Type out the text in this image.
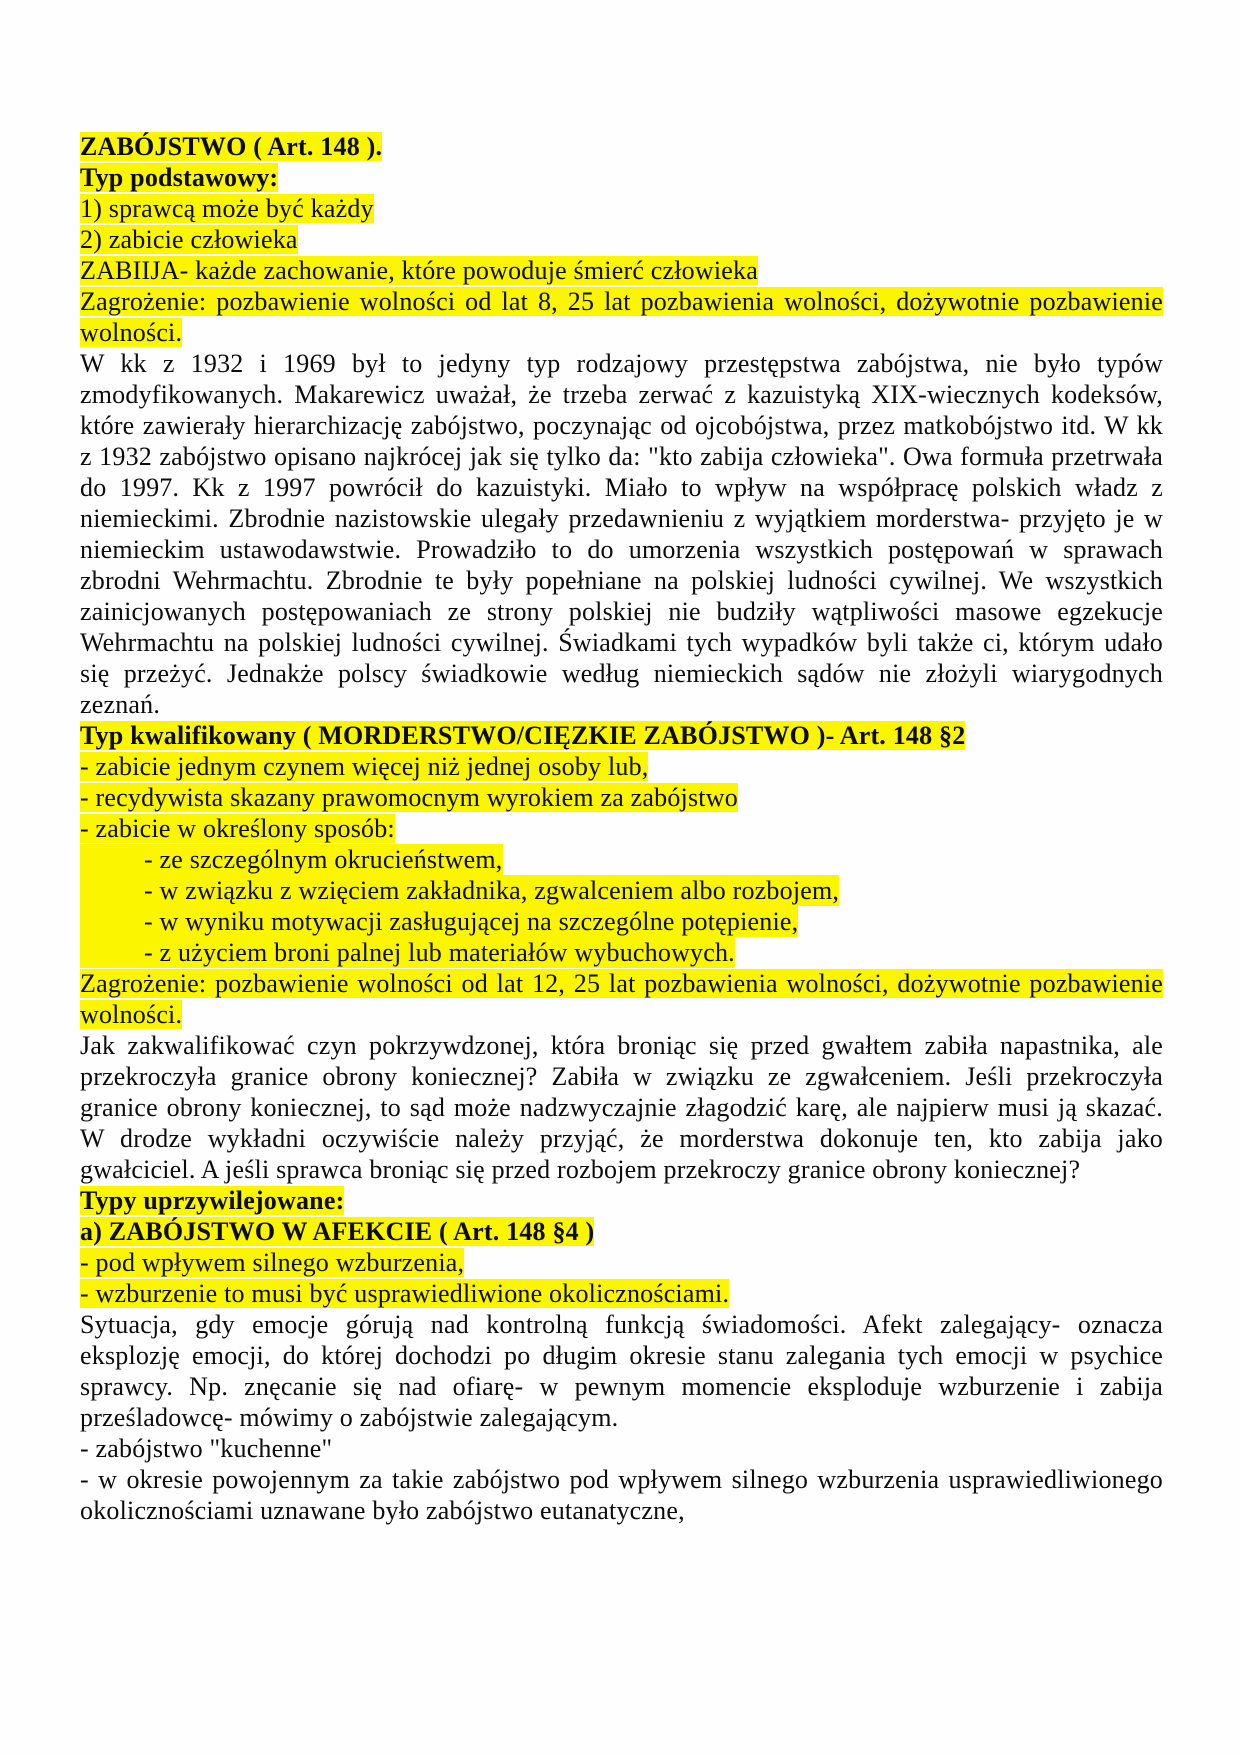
ZABÓJSTWO ( Art. 148 ).

Typ podstawowy:

1) sprawcą może być każdy

2) zabicie człowieka

ZABIIJA- każde zachowanie, które powoduje śmierć człowieka

Zagrożenie: pozbawienie wolności od lat 8, 25 lat pozbawienia wolności, dożywotnie pozbawienie wolności.

W kk z 1932 i 1969 był to jedyny typ rodzajowy przestępstwa zabójstwa, nie było typów zmodyfikowanych. Makarewicz uważał, że trzeba zerwać z kazuistyką XIX-wiecznych kodeksów, które zawierały hierarchizację zabójstwo, poczynając od ojcobójstwa, przez matkobójstwo itd. W kk z 1932 zabójstwo opisano najkrócej jak się tylko da: "kto zabija człowieka". Owa formuła przetrwała do 1997. Kk z 1997 powrócił do kazuistyki. Miało to wpływ na współpracę polskich władz z niemieckimi. Zbrodnie nazistowskie ulegały przedawnieniu z wyjątkiem morderstwa- przyjęto je w niemieckim ustawodawstwie. Prowadziło to do umorzenia wszystkich postępowań w sprawach zbrodni Wehrmachtu. Zbrodnie te były popełniane na polskiej ludności cywilnej. We wszystkich zainicjowanych postępowaniach ze strony polskiej nie budziły wątpliwości masowe egzekucje Wehrmachtu na polskiej ludności cywilnej. Świadkami tych wypadków byli także ci, którym udało się przeżyć. Jednakże polscy świadkowie według niemieckich sądów nie złożyli wiarygodnych zeznań.

Typ kwalifikowany ( MORDERSTWO/CIĘZKIE ZABÓJSTWO )- Art. 148 §2

- zabicie jednym czynem więcej niż jednej osoby lub,

- recydywista skazany prawomocnym wyrokiem za zabójstwo

- zabicie w określony sposób:

- ze szczególnym okrucieństwem,

- w związku z wzięciem zakładnika, zgwalceniem albo rozbojem,

- w wyniku motywacji zasługującej na szczególne potępienie,

- z użyciem broni palnej lub materiałów wybuchowych.

Zagrożenie: pozbawienie wolności od lat 12, 25 lat pozbawienia wolności, dożywotnie pozbawienie wolności.

Jak zakwalifikować czyn pokrzywdzonej, która broniąc się przed gwałtem zabiła napastnika, ale przekroczyła granice obrony koniecznej? Zabiła w związku ze zgwałceniem. Jeśli przekroczyła granice obrony koniecznej, to sąd może nadzwyczajnie złagodzić karę, ale najpierw musi ją skazać. W drodze wykładni oczywiście należy przyjąć, że morderstwa dokonuje ten, kto zabija jako gwałciciel. A jeśli sprawca broniąc się przed rozbojem przekroczy granice obrony koniecznej?

Typy uprzywilejowane:

a) ZABÓJSTWO W AFEKCIE ( Art. 148 §4 )

- pod wpływem silnego wzburzenia,

- wzburzenie to musi być usprawiedliwione okolicznościami.

Sytuacja, gdy emocje górują nad kontrolną funkcją świadomości. Afekt zalegający- oznacza eksplozję emocji, do której dochodzi po długim okresie stanu zalegania tych emocji w psychice sprawcy. Np. znęcanie się nad ofiarę- w pewnym momencie eksploduje wzburzenie i zabija prześladowcę- mówimy o zabójstwie zalegającym.

- zabójstwo "kuchenne"

- w okresie powojennym za takie zabójstwo pod wpływem silnego wzburzenia usprawiedliwionego okolicznościami uznawane było zabójstwo eutanatyczne,
